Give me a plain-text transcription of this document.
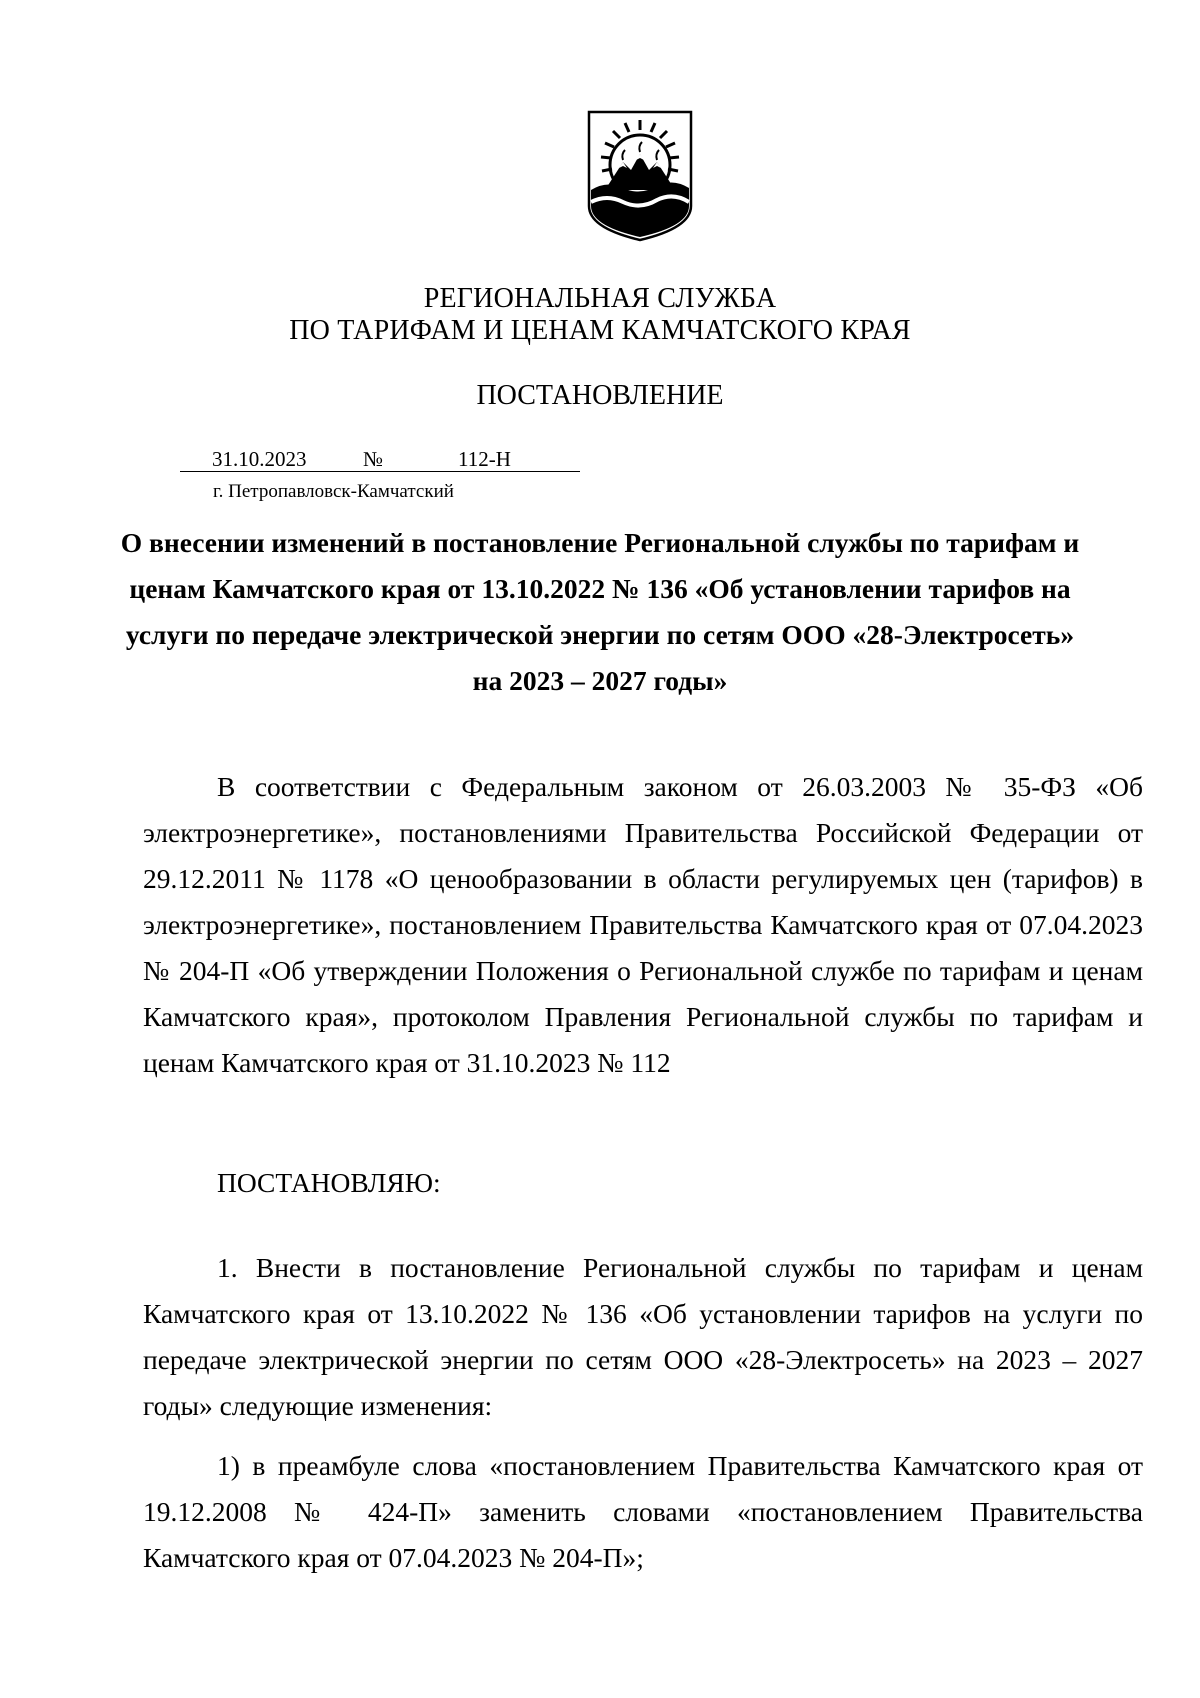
РЕГИОНАЛЬНАЯ СЛУЖБА
ПО ТАРИФАМ И ЦЕНАМ КАМЧАТСКОГО КРАЯ
ПОСТАНОВЛЕНИЕ
31.10.2023	№	112-Н
г. Петропавловск-Камчатский
О внесении изменений в постановление Региональной службы по тарифам и ценам Камчатского края от 13.10.2022 № 136 «Об установлении тарифов на услуги по передаче электрической энергии по сетям ООО «28-Электросеть» на 2023 – 2027 годы»
В соответствии с Федеральным законом от 26.03.2003 № 35-ФЗ «Об электроэнергетике», постановлениями Правительства Российской Федерации от 29.12.2011 № 1178 «О ценообразовании в области регулируемых цен (тарифов) в электроэнергетике», постановлением Правительства Камчатского края от 07.04.2023 № 204-П «Об утверждении Положения о Региональной службе по тарифам и ценам Камчатского края», протоколом Правления Региональной службы по тарифам и ценам Камчатского края от 31.10.2023 № 112
ПОСТАНОВЛЯЮ:
1. Внести в постановление Региональной службы по тарифам и ценам Камчатского края от 13.10.2022 № 136 «Об установлении тарифов на услуги по передаче электрической энергии по сетям ООО «28-Электросеть» на 2023 – 2027 годы» следующие изменения:
1) в преамбуле слова «постановлением Правительства Камчатского края от 19.12.2008 № 424-П» заменить словами «постановлением Правительства Камчатского края от 07.04.2023 № 204-П»;
